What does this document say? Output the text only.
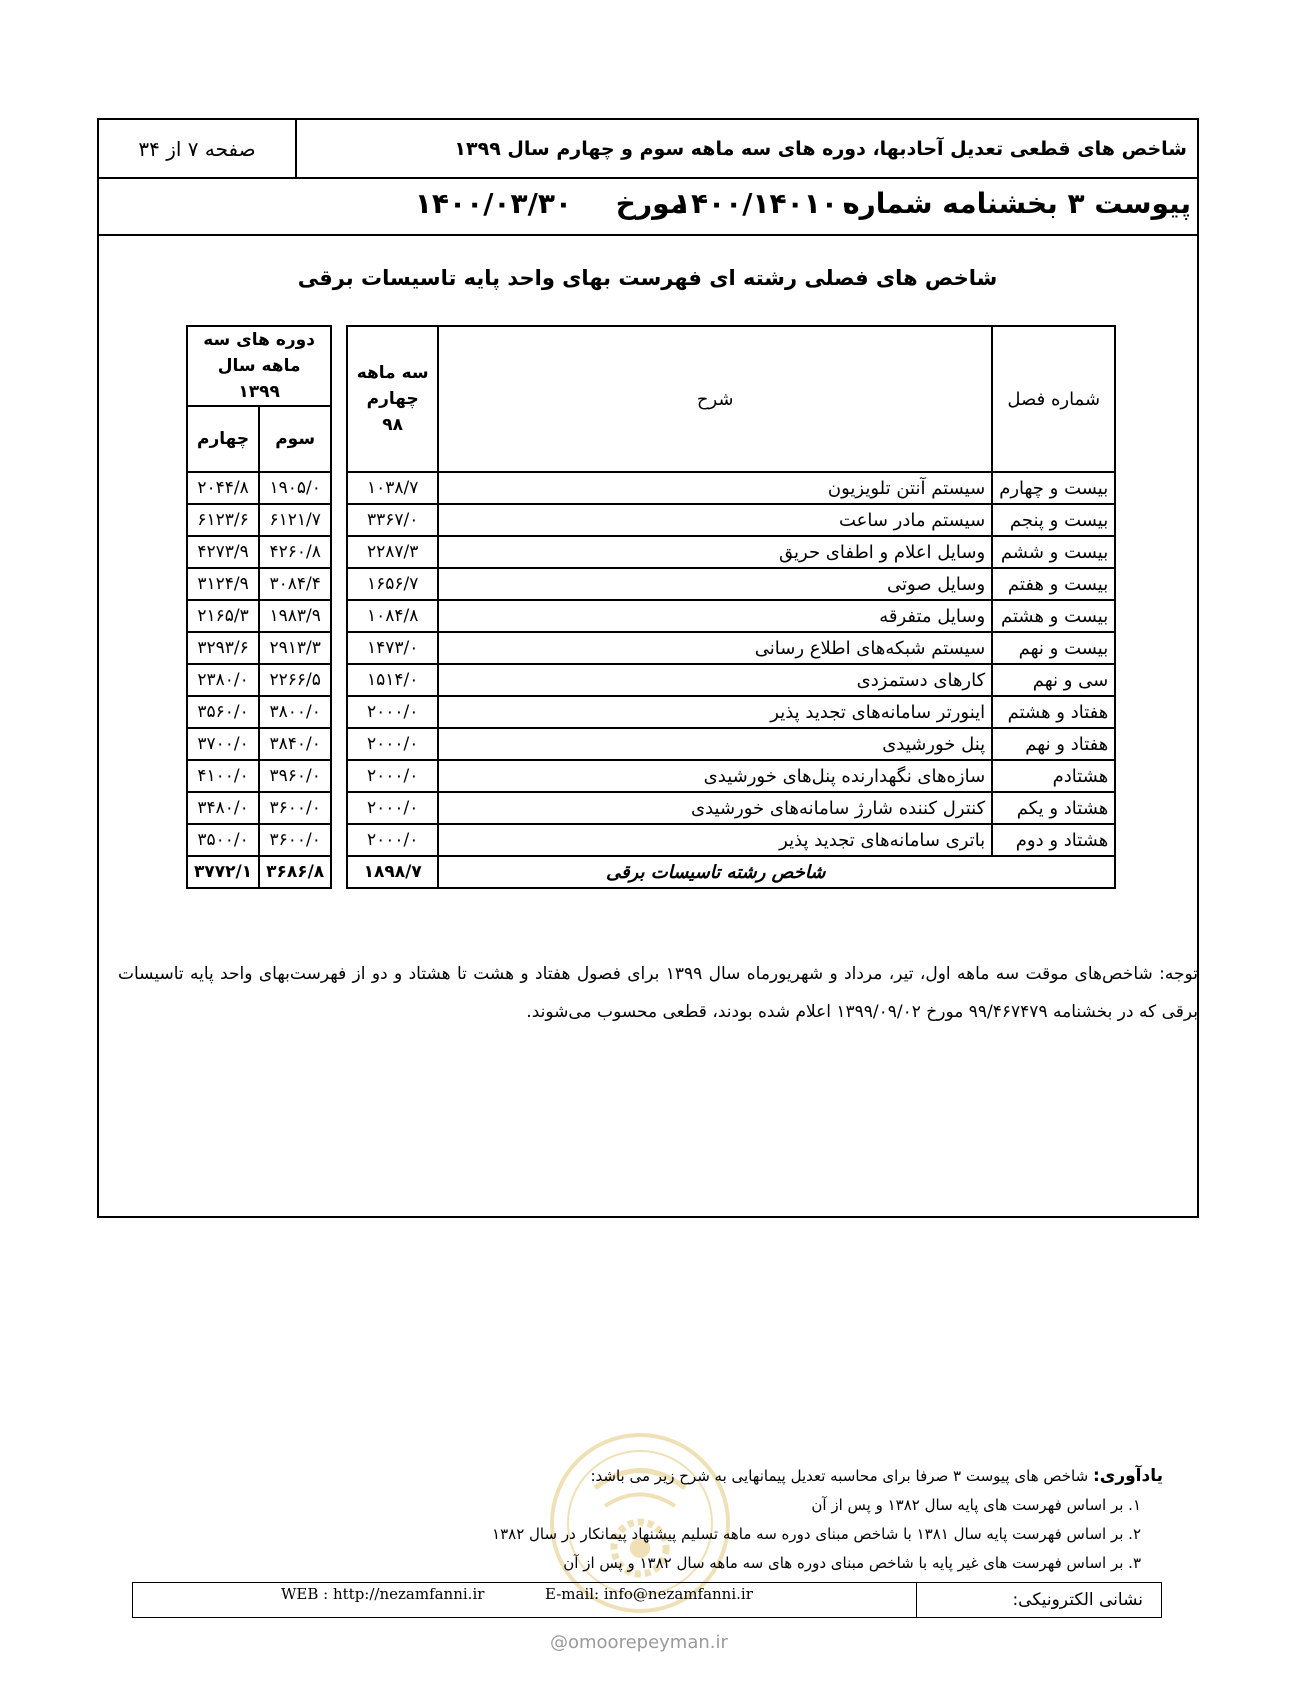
صفحه ۷ از ۳۴	شاخص های قطعی تعدیل آحادبها، دوره های سه ماهه سوم و چهارم سال ۱۳۹۹
پیوست ۳ بخشنامه شماره
۱۴۰۰/۱۴۰۱۰۰
مورخ
۱۴۰۰/۰۳/۳۰
شاخص های فصلی رشته ای فهرست بهای واحد پایه تاسیسات برقی
شماره فصل	شرح	سه ماهه چهارم ۹۸		دوره های سه ماهه سال ۱۳۹۹	
				سوم	چهارم
بیست و چهارم	سیستم آنتن تلویزیون	۱۰۳۸/۷		۱۹۰۵/۰	۲۰۴۴/۸
بیست و پنجم	سیستم مادر ساعت	۳۳۶۷/۰		۶۱۲۱/۷	۶۱۲۳/۶
بیست و ششم	وسایل اعلام و اطفای حریق	۲۲۸۷/۳		۴۲۶۰/۸	۴۲۷۳/۹
بیست و هفتم	وسایل صوتی	۱۶۵۶/۷		۳۰۸۴/۴	۳۱۲۴/۹
بیست و هشتم	وسایل متفرقه	۱۰۸۴/۸		۱۹۸۳/۹	۲۱۶۵/۳
بیست و نهم	سیستم شبکه‌های اطلاع رسانی	۱۴۷۳/۰		۲۹۱۳/۳	۳۲۹۳/۶
سی و نهم	کارهای دستمزدی	۱۵۱۴/۰		۲۲۶۶/۵	۲۳۸۰/۰
هفتاد و هشتم	اینورتر سامانه‌های تجدید پذیر	۲۰۰۰/۰		۳۸۰۰/۰	۳۵۶۰/۰
هفتاد و نهم	پنل خورشیدی	۲۰۰۰/۰		۳۸۴۰/۰	۳۷۰۰/۰
هشتادم	سازه‌های نگهدارنده پنل‌های خورشیدی	۲۰۰۰/۰		۳۹۶۰/۰	۴۱۰۰/۰
هشتاد و یکم	کنترل کننده شارژ سامانه‌های خورشیدی	۲۰۰۰/۰		۳۶۰۰/۰	۳۴۸۰/۰
هشتاد و دوم	باتری سامانه‌های تجدید پذیر	۲۰۰۰/۰		۳۶۰۰/۰	۳۵۰۰/۰
	شاخص رشته تاسیسات برقی	۱۸۹۸/۷		۳۶۸۶/۸	۳۷۷۲/۱
توجه: شاخص‌های موقت سه ماهه اول، تیر، مرداد و شهریورماه سال ۱۳۹۹ برای فصول هفتاد و هشت تا هشتاد و دو از فهرست‌بهای واحد پایه تاسیسات برقی که در بخشنامه ۹۹/۴۶۷۴۷۹ مورخ ۱۳۹۹/۰۹/۰۲ اعلام شده بودند، قطعی محسوب می‌شوند.
یادآوری: شاخص های پیوست ۳ صرفا برای محاسبه تعدیل پیمانهایی به شرح زیر می باشد:
۱. بر اساس فهرست های پایه سال ۱۳۸۲ و پس از آن
۲. بر اساس فهرست پایه سال ۱۳۸۱ با شاخص مبنای دوره سه ماهه تسلیم پیشنهاد پیمانکار در سال ۱۳۸۲
۳. بر اساس فهرست های غیر پایه با شاخص مبنای دوره های سه ماهه سال ۱۳۸۲ و پس از آن
نشانی الکترونیکی:
E-mail: info@nezamfanni.ir
WEB : http://nezamfanni.ir
@omoorepeyman.ir
